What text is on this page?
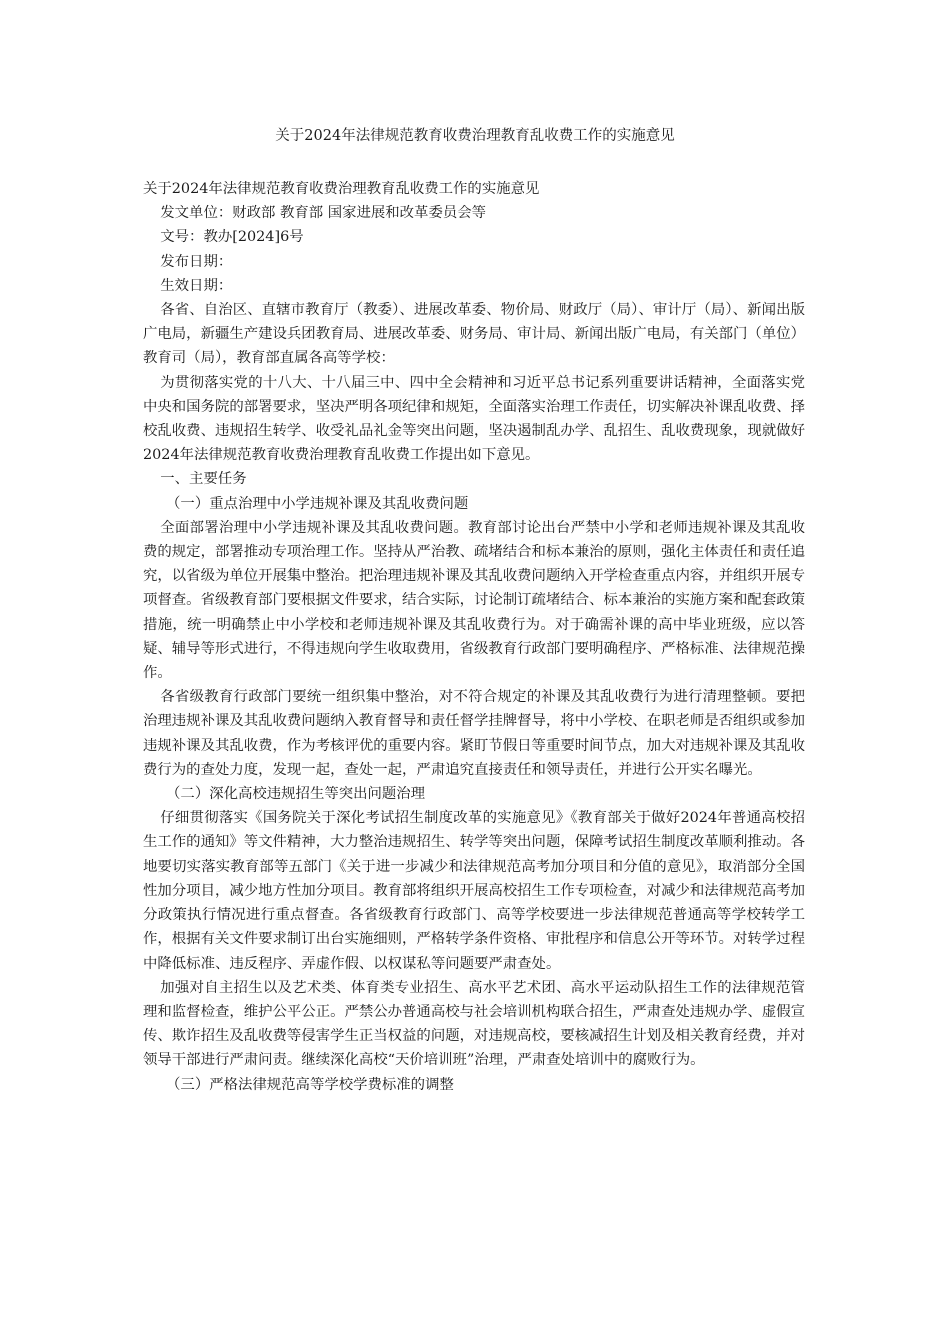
关于2024年法律规范教育收费治理教育乱收费工作的实施意见

关于2024年法律规范教育收费治理教育乱收费工作的实施意见

发文单位：财政部 教育部 国家进展和改革委员会等

文号：教办[2024]6号

发布日期：

生效日期：

各省、自治区、直辖市教育厅（教委）、进展改革委、物价局、财政厅（局）、审计厅（局）、新闻出版广电局，新疆生产建设兵团教育局、进展改革委、财务局、审计局、新闻出版广电局，有关部门（单位）教育司（局），教育部直属各高等学校：

为贯彻落实党的十八大、十八届三中、四中全会精神和习近平总书记系列重要讲话精神，全面落实党中央和国务院的部署要求，坚决严明各项纪律和规矩，全面落实治理工作责任，切实解决补课乱收费、择校乱收费、违规招生转学、收受礼品礼金等突出问题，坚决遏制乱办学、乱招生、乱收费现象，现就做好2024年法律规范教育收费治理教育乱收费工作提出如下意见。

一、主要任务

（一）重点治理中小学违规补课及其乱收费问题

全面部署治理中小学违规补课及其乱收费问题。教育部讨论出台严禁中小学和老师违规补课及其乱收费的规定，部署推动专项治理工作。坚持从严治教、疏堵结合和标本兼治的原则，强化主体责任和责任追究，以省级为单位开展集中整治。把治理违规补课及其乱收费问题纳入开学检查重点内容，并组织开展专项督查。省级教育部门要根据文件要求，结合实际，讨论制订疏堵结合、标本兼治的实施方案和配套政策措施，统一明确禁止中小学校和老师违规补课及其乱收费行为。对于确需补课的高中毕业班级，应以答疑、辅导等形式进行，不得违规向学生收取费用，省级教育行政部门要明确程序、严格标准、法律规范操作。

各省级教育行政部门要统一组织集中整治，对不符合规定的补课及其乱收费行为进行清理整顿。要把治理违规补课及其乱收费问题纳入教育督导和责任督学挂牌督导，将中小学校、在职老师是否组织或参加违规补课及其乱收费，作为考核评优的重要内容。紧盯节假日等重要时间节点，加大对违规补课及其乱收费行为的查处力度，发现一起，查处一起，严肃追究直接责任和领导责任，并进行公开实名曝光。

（二）深化高校违规招生等突出问题治理

仔细贯彻落实《国务院关于深化考试招生制度改革的实施意见》《教育部关于做好2024年普通高校招生工作的通知》等文件精神，大力整治违规招生、转学等突出问题，保障考试招生制度改革顺利推动。各地要切实落实教育部等五部门《关于进一步减少和法律规范高考加分项目和分值的意见》，取消部分全国性加分项目，减少地方性加分项目。教育部将组织开展高校招生工作专项检查，对减少和法律规范高考加分政策执行情况进行重点督查。各省级教育行政部门、高等学校要进一步法律规范普通高等学校转学工作，根据有关文件要求制订出台实施细则，严格转学条件资格、审批程序和信息公开等环节。对转学过程中降低标准、违反程序、弄虚作假、以权谋私等问题要严肃查处。

加强对自主招生以及艺术类、体育类专业招生、高水平艺术团、高水平运动队招生工作的法律规范管理和监督检查，维护公平公正。严禁公办普通高校与社会培训机构联合招生，严肃查处违规办学、虚假宣传、欺诈招生及乱收费等侵害学生正当权益的问题，对违规高校，要核减招生计划及相关教育经费，并对领导干部进行严肃问责。继续深化高校“天价培训班”治理，严肃查处培训中的腐败行为。

（三）严格法律规范高等学校学费标准的调整
